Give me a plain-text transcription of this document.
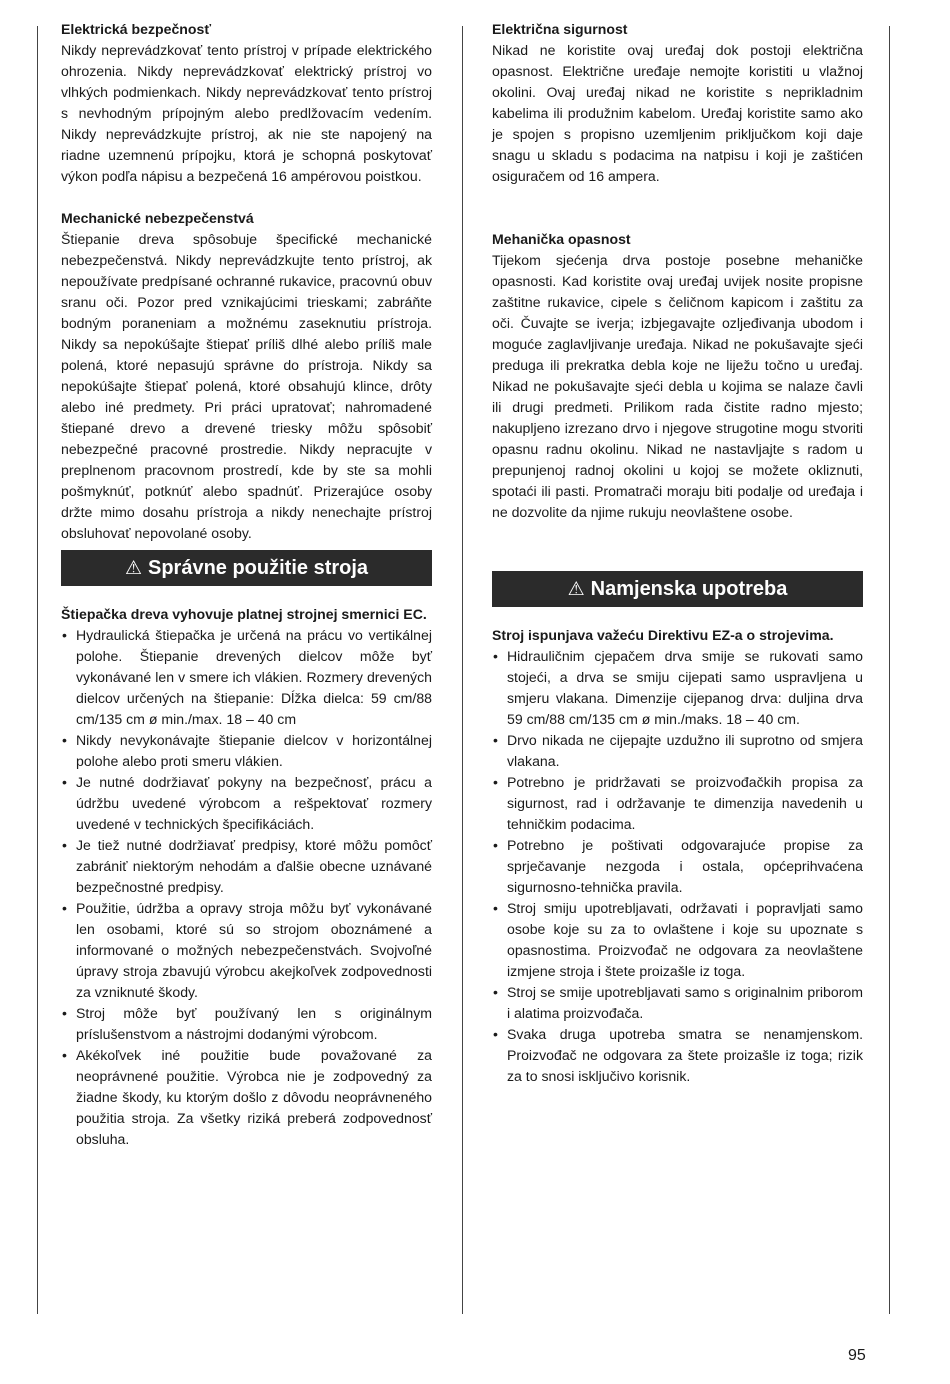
Elektrická bezpečnosť

Nikdy neprevádzkovať tento prístroj v prípade elektrického ohrozenia. Nikdy neprevádzkovať elektrický prístroj vo vlhkých podmienkach. Nikdy neprevádzkovať tento prístroj s nevhodným prípojným alebo predlžovacím vedením. Nikdy neprevádzkujte prístroj, ak nie ste napojený na riadne uzemnenú prípojku, ktorá je schopná poskytovať výkon podľa nápisu a bezpečená 16 ampérovou poistkou.

Mechanické nebezpečenstvá

Štiepanie dreva spôsobuje špecifické mechanické nebezpečenstvá. Nikdy neprevádzkujte tento prístroj, ak nepoužívate predpísané ochranné rukavice, pracovnú obuv sranu oči. Pozor pred vznikajúcimi trieskami; zabráňte bodným poraneniam a možnému zaseknutiu prístroja. Nikdy sa nepokúšajte štiepať príliš dlhé alebo príliš male polená, ktoré nepasujú správne do prístroja. Nikdy sa nepokúšajte štiepať polená, ktoré obsahujú klince, drôty alebo iné predmety. Pri práci upratovať; nahromadené štiepané drevo a drevené triesky môžu spôsobiť nebezpečné pracovné prostredie. Nikdy nepracujte v preplnenom pracovnom prostredí, kde by ste sa mohli pošmyknúť, potknúť alebo spadnúť. Prizerajúce osoby držte mimo dosahu prístroja a nikdy nenechajte prístroj obsluhovať nepovolané osoby.

⚠ Správne použitie stroja

Štiepačka dreva vyhovuje platnej strojnej smernici EC.

• Hydraulická štiepačka je určená na prácu vo vertikálnej polohe. Štiepanie drevených dielcov môže byť vykonávané len v smere ich vlákien. Rozmery drevených dielcov určených na štiepanie: Dĺžka dielca: 59 cm/88 cm/135 cm ø min./max. 18 – 40 cm
• Nikdy nevykonávajte štiepanie dielcov v horizontálnej polohe alebo proti smeru vlákien.
• Je nutné dodržiavať pokyny na bezpečnosť, prácu a údržbu uvedené výrobcom a rešpektovať rozmery uvedené v technických špecifikáciách.
• Je tiež nutné dodržiavať predpisy, ktoré môžu pomôcť zabrániť niektorým nehodám a ďalšie obecne uznávané bezpečnostné predpisy.
• Použitie, údržba a opravy stroja môžu byť vykonávané len osobami, ktoré sú so strojom oboznámené a informované o možných nebezpečenstvách. Svojvoľné úpravy stroja zbavujú výrobcu akejkoľvek zodpovednosti za vzniknuté škody.
• Stroj môže byť používaný len s originálnym príslušenstvom a nástrojmi dodanými výrobcom.
• Akékoľvek iné použitie bude považované za neoprávnené použitie. Výrobca nie je zodpovedný za žiadne škody, ku ktorým došlo z dôvodu neoprávneného použitia stroja. Za všetky riziká preberá zodpovednosť obsluha.

Električna sigurnost

Nikad ne koristite ovaj uređaj dok postoji električna opasnost. Električne uređaje nemojte koristiti u vlažnoj okolini. Ovaj uređaj nikad ne koristite s neprikladnim kabelima ili produžnim kabelom. Uređaj koristite samo ako je spojen s propisno uzemljenim priključkom koji daje snagu u skladu s podacima na natpisu i koji je zaštićen osiguračem od 16 ampera.

Mehanička opasnost

Tijekom sjećenja drva postoje posebne mehaničke opasnosti. Kad koristite ovaj uređaj uvijek nosite propisne zaštitne rukavice, cipele s čeličnom kapicom i zaštitu za oči. Čuvajte se iverja; izbjegavajte ozljeđivanja ubodom i moguće zaglavljivanje uređaja. Nikad ne pokušavajte sjeći preduga ili prekratka debla koje ne liježu točno u uređaj. Nikad ne pokušavajte sjeći debla u kojima se nalaze čavli ili drugi predmeti. Prilikom rada čistite radno mjesto; nakupljeno izrezano drvo i njegove strugotine mogu stvoriti opasnu radnu okolinu. Nikad ne nastavljajte s radom u prepunjenoj radnoj okolini u kojoj se možete okliznuti, spotaći ili pasti. Promatrači moraju biti podalje od uređaja i ne dozvolite da njime rukuju neovlaštene osobe.

⚠ Namjenska upotreba

Stroj ispunjava važeću Direktivu EZ-a o strojevima.

• Hidrauličnim cjepačem drva smije se rukovati samo stojeći, a drva se smiju cijepati samo uspravljena u smjeru vlakana. Dimenzije cijepanog drva: duljina drva 59 cm/88 cm/135 cm ø min./maks. 18 – 40 cm.
• Drvo nikada ne cijepajte uzdužno ili suprotno od smjera vlakana.
• Potrebno je pridržavati se proizvođačkih propisa za sigurnost, rad i održavanje te dimenzija navedenih u tehničkim podacima.
• Potrebno je poštivati odgovarajuće propise za sprječavanje nezgoda i ostala, općeprihvaćena sigurnosno-tehnička pravila.
• Stroj smiju upotrebljavati, održavati i popravljati samo osobe koje su za to ovlaštene i koje su upoznate s opasnostima. Proizvođač ne odgovara za neovlaštene izmjene stroja i štete proizašle iz toga.
• Stroj se smije upotrebljavati samo s originalnim priborom i alatima proizvođača.
• Svaka druga upotreba smatra se nenamjenskom. Proizvođač ne odgovara za štete proizašle iz toga; rizik za to snosi isključivo korisnik.
95
